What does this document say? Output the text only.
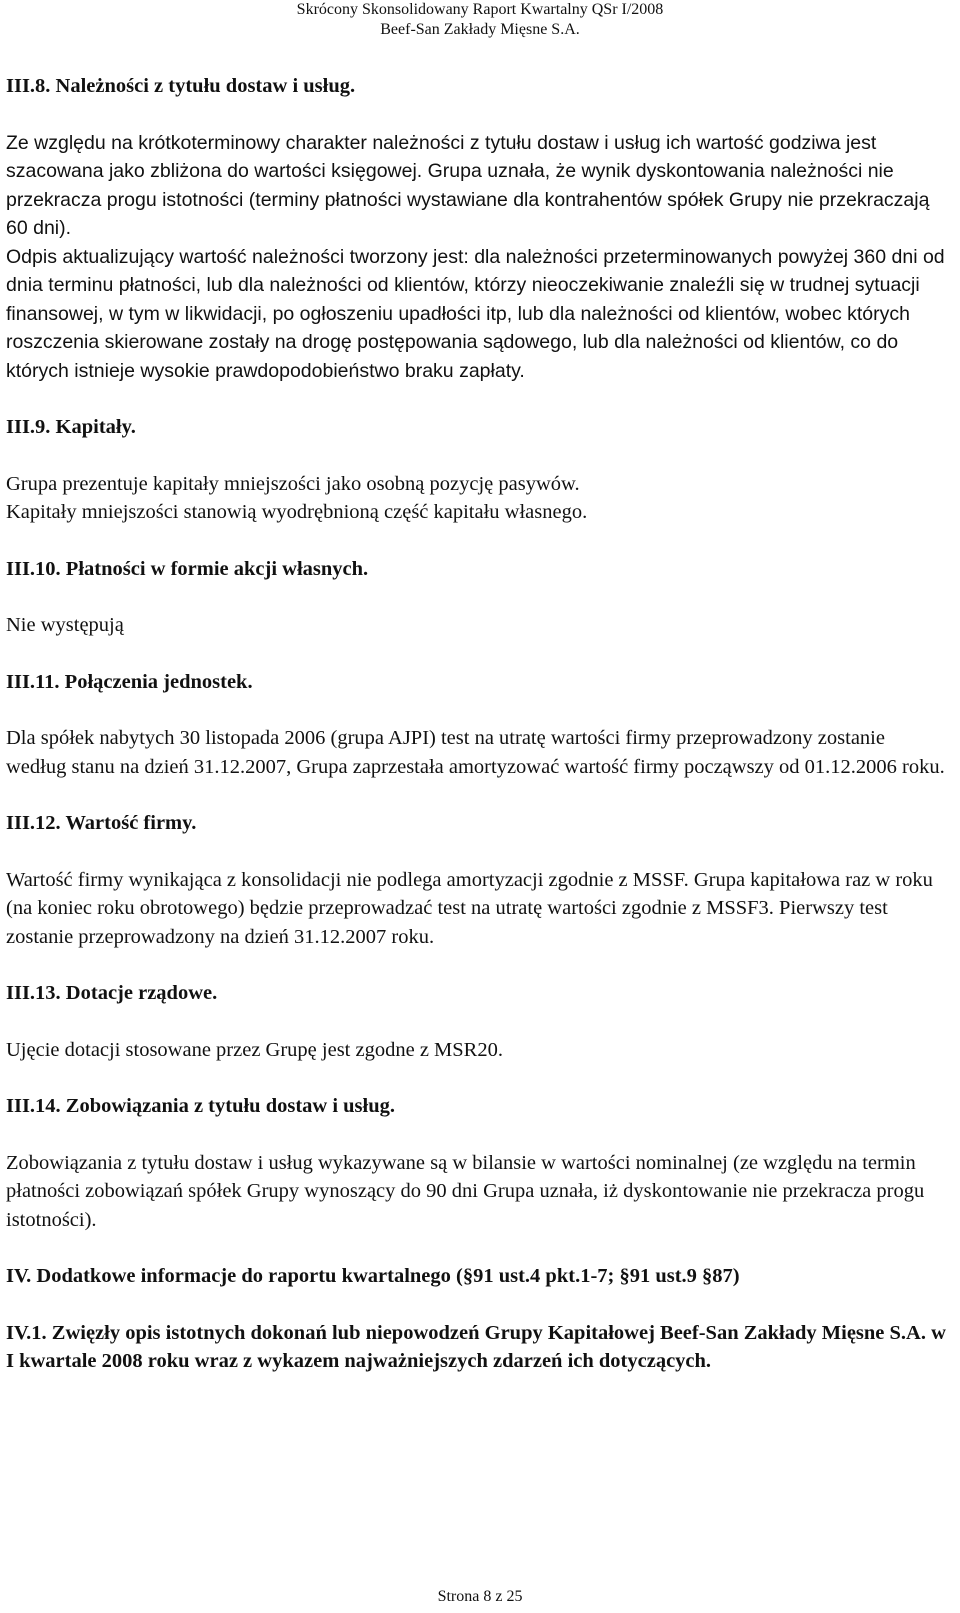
Skrócony Skonsolidowany Raport Kwartalny QSr I/2008
Beef-San Zakłady Mięsne S.A.

III.8. Należności z tytułu dostaw i usług.

Ze względu na krótkoterminowy charakter należności z tytułu dostaw i usług ich wartość godziwa jest szacowana jako zbliżona do wartości księgowej. Grupa uznała, że wynik dyskontowania należności nie przekracza progu istotności (terminy płatności wystawiane dla kontrahentów spółek Grupy nie przekraczają 60 dni).

Odpis aktualizujący wartość należności tworzony jest: dla należności przeterminowanych powyżej 360 dni od dnia terminu płatności, lub dla należności od klientów, którzy nieoczekiwanie znaleźli się w trudnej sytuacji finansowej, w tym w likwidacji, po ogłoszeniu upadłości itp, lub dla należności od klientów, wobec których roszczenia skierowane zostały na drogę postępowania sądowego, lub dla należności od klientów, co do których istnieje wysokie prawdopodobieństwo braku zapłaty.

III.9. Kapitały.

Grupa prezentuje kapitały mniejszości jako osobną pozycję pasywów.

Kapitały mniejszości stanowią wyodrębnioną część kapitału własnego.

III.10. Płatności w formie akcji własnych.

Nie występują

III.11. Połączenia jednostek.

Dla spółek nabytych 30 listopada 2006 (grupa AJPI) test na utratę wartości firmy przeprowadzony zostanie według stanu na dzień 31.12.2007, Grupa zaprzestała amortyzować wartość firmy począwszy od 01.12.2006 roku.

III.12. Wartość firmy.

Wartość firmy wynikająca z konsolidacji nie podlega amortyzacji zgodnie z MSSF. Grupa kapitałowa raz w roku (na koniec roku obrotowego) będzie przeprowadzać test na utratę wartości zgodnie z MSSF3. Pierwszy test zostanie przeprowadzony na dzień 31.12.2007 roku.

III.13. Dotacje rządowe.

Ujęcie dotacji stosowane przez Grupę jest zgodne z MSR20.

III.14. Zobowiązania z tytułu dostaw i usług.

Zobowiązania z tytułu dostaw i usług wykazywane są w bilansie w wartości nominalnej (ze względu na termin płatności zobowiązań spółek Grupy wynoszący do 90 dni Grupa uznała, iż dyskontowanie nie przekracza progu istotności).

IV. Dodatkowe informacje do raportu kwartalnego (§91 ust.4 pkt.1-7; §91 ust.9 §87)

IV.1. Zwięzły opis istotnych dokonań lub niepowodzeń Grupy Kapitałowej Beef-San Zakłady Mięsne S.A. w I kwartale 2008 roku wraz z wykazem najważniejszych zdarzeń ich dotyczących.

Strona 8 z 25
